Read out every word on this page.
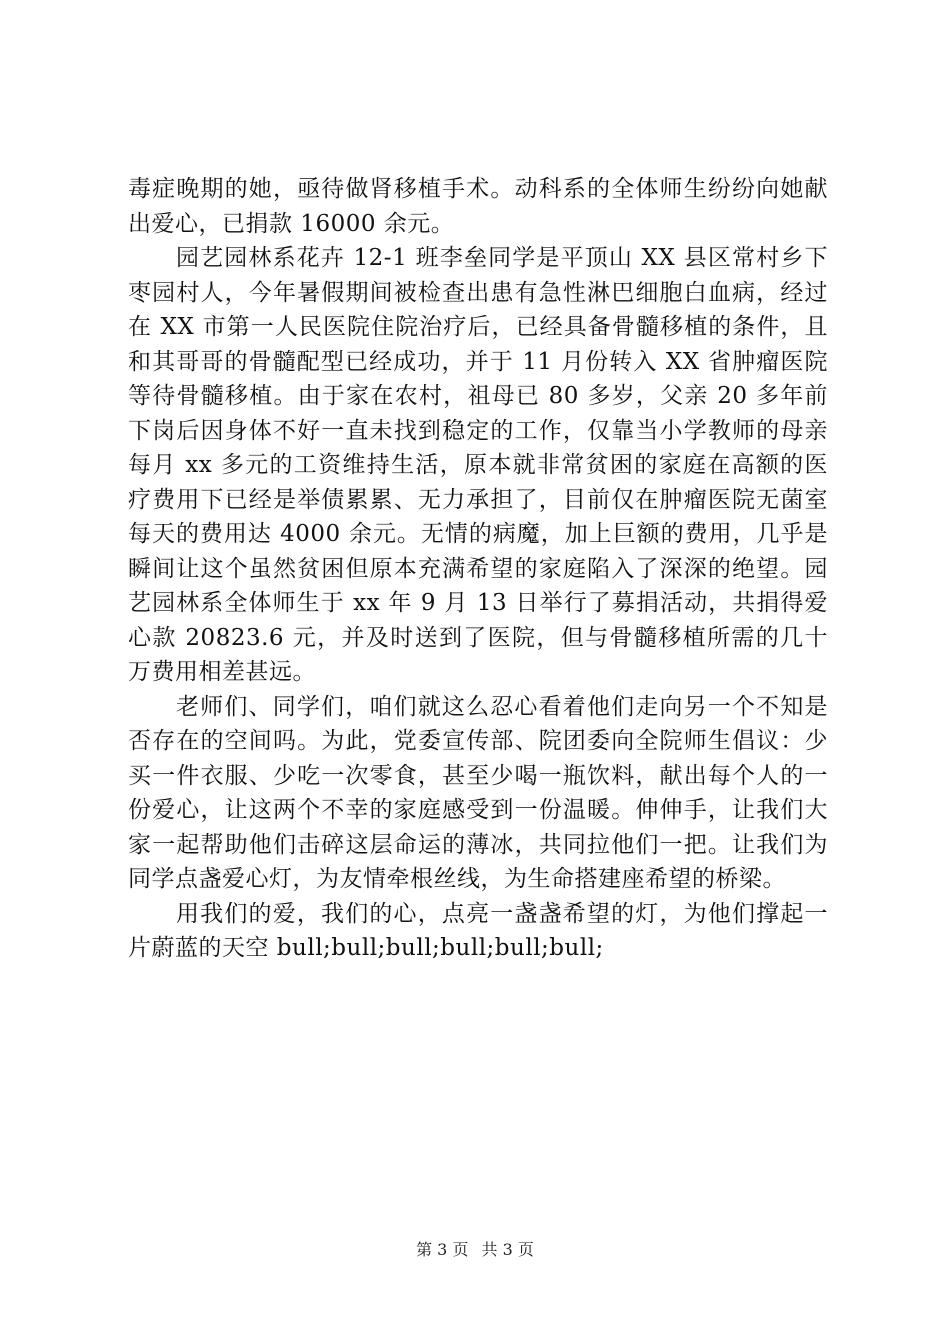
毒症晚期的她，亟待做肾移植手术。动科系的全体师生纷纷向她献出爱心，已捐款 16000 余元。

园艺园林系花卉 12-1 班李垒同学是平顶山 XX 县区常村乡下枣园村人，今年暑假期间被检查出患有急性淋巴细胞白血病，经过在 XX 市第一人民医院住院治疗后，已经具备骨髓移植的条件，且和其哥哥的骨髓配型已经成功，并于 11 月份转入 XX 省肿瘤医院等待骨髓移植。由于家在农村，祖母已 80 多岁，父亲 20 多年前下岗后因身体不好一直未找到稳定的工作，仅靠当小学教师的母亲每月 xx 多元的工资维持生活，原本就非常贫困的家庭在高额的医疗费用下已经是举债累累、无力承担了，目前仅在肿瘤医院无菌室每天的费用达 4000 余元。无情的病魔，加上巨额的费用，几乎是瞬间让这个虽然贫困但原本充满希望的家庭陷入了深深的绝望。园艺园林系全体师生于 xx 年 9 月 13 日举行了募捐活动，共捐得爱心款 20823.6 元，并及时送到了医院，但与骨髓移植所需的几十万费用相差甚远。

老师们、同学们，咱们就这么忍心看着他们走向另一个不知是否存在的空间吗。为此，党委宣传部、院团委向全院师生倡议：少买一件衣服、少吃一次零食，甚至少喝一瓶饮料，献出每个人的一份爱心，让这两个不幸的家庭感受到一份温暖。伸伸手，让我们大家一起帮助他们击碎这层命运的薄冰，共同拉他们一把。让我们为同学点盏爱心灯，为友情牵根丝线，为生命搭建座希望的桥梁。

用我们的爱，我们的心，点亮一盏盏希望的灯，为他们撑起一片蔚蓝的天空 bull;bull;bull;bull;bull;bull;

第 3 页 共 3 页
